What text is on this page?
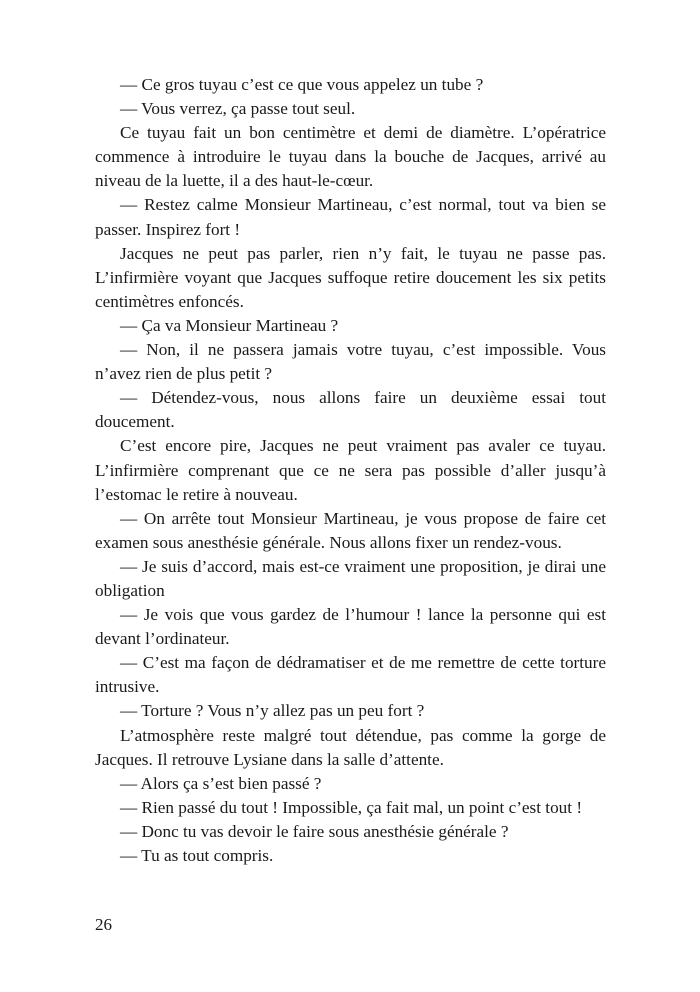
— Ce gros tuyau c’est ce que vous appelez un tube ?

— Vous verrez, ça passe tout seul.

Ce tuyau fait un bon centimètre et demi de diamètre. L’opératrice commence à introduire le tuyau dans la bouche de Jacques, arrivé au niveau de la luette, il a des haut-le-cœur.

— Restez calme Monsieur Martineau, c’est normal, tout va bien se passer. Inspirez fort !

Jacques ne peut pas parler, rien n’y fait, le tuyau ne passe pas. L’infirmière voyant que Jacques suffoque retire doucement les six petits centimètres enfoncés.

— Ça va Monsieur Martineau ?

— Non, il ne passera jamais votre tuyau, c’est impossible. Vous n’avez rien de plus petit ?

— Détendez-vous, nous allons faire un deuxième essai tout doucement.

C’est encore pire, Jacques ne peut vraiment pas avaler ce tuyau. L’infirmière comprenant que ce ne sera pas possible d’aller jusqu’à l’estomac le retire à nouveau.

— On arrête tout Monsieur Martineau, je vous propose de faire cet examen sous anesthésie générale. Nous allons fixer un rendez-vous.

— Je suis d’accord, mais est-ce vraiment une proposition, je dirai une obligation

— Je vois que vous gardez de l’humour ! lance la personne qui est devant l’ordinateur.

— C’est ma façon de dédramatiser et de me remettre de cette torture intrusive.

— Torture ? Vous n’y allez pas un peu fort ?

L’atmosphère reste malgré tout détendue, pas comme la gorge de Jacques. Il retrouve Lysiane dans la salle d’attente.

— Alors ça s’est bien passé ?

— Rien passé du tout ! Impossible, ça fait mal, un point c’est tout !

— Donc tu vas devoir le faire sous anesthésie générale ?

— Tu as tout compris.

26
